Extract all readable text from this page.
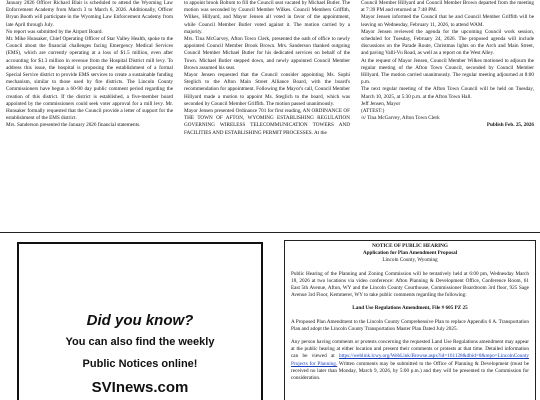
January 2026 Officer Richard Blair is scheduled to attend the Wyoming Law Enforcement Academy from March 3 to March 6, 2026. Additionally, Officer Bryan Booth will participate in the Wyoming Law Enforcement Academy from late April through July.

No report was submitted by the Airport Board.

Mr. Mike Hunsaker, Chief Operating Officer of Star Valley Health, spoke to the Council about the financial challenges facing Emergency Medical Services (EMS), which are currently operating at a loss of $1.5 million, even after accounting for $1.3 million in revenue from the Hospital District mill levy. To address this issue, the hospital is proposing the establishment of a formal Special Service district to provide EMS services to create a sustainable funding mechanism, similar to those used by fire districts. The Lincoln County Commissioners have begun a 60-90 day public comment period regarding the creation of this district. If the district is established, a five-member board appointed by the commissioners could seek voter approval for a mill levy. Mr. Hunsaker formally requested that the Council provide a letter of support for the establishment of the EMS district.

Mrs. Sanderson presented the January 2026 financial statements.

to appoint brook Boltom to fill the Council seat vacated by Michael Butler. The motion was seconded by Council Member Wilkes. Council Members Griffith, Wilkes, Hillyard, and Mayor Jensen all voted in favor of the appointment, while Council Member Butler voted against it. The motion carried by a majority.

Mrs. Tina McGarvey, Afton Town Clerk, presented the oath of office to newly appointed Council Member Brook Brown. Mrs. Sanderson thanked outgoing Council Member Michael Butler for his dedicated services on behalf of the Town. Michael Butler stepped down, and newly appointed Council Member Brown assumed his seat.

Mayor Jensen requested that the Council consider appointing Ms. Sophi Steglich to the Afton Main Street Alliance Board, with the board's recommendation for appointment. Following the Mayor's call, Council Member Hillyard made a motion to appoint Ms. Steglich to the board, which was seconded by Council Member Griffith. The motion passed unanimously.

Mayor Jensen presented Ordinance 701 for first reading, AN ORDINANCE OF THE TOWN OF AFTON, WYOMING ESTABLISHING REGULATION GOVERNING WIRELESS TELECOMMUNICATION TOWERS AND FACILITIES AND ESTABLISHING PERMIT PROCESSES. At the

Council Member Hillyard and Council Member Brown departed from the meeting at 7:39 PM and returned at 7:48 PM.

Mayor Jensen informed the Council that he and Council Member Griffith will be leaving on Wednesday, February 11, 2026, to attend WAM.

Mayor Jensen reviewed the agenda for the upcoming Council work session, scheduled for Tuesday, February 24, 2026. The proposed agenda will include discussions on the Parade Route, Christmas lights on the Arch and Main Street, and paving Valli-Vu Road, as well as a report on the West Alley.

At the request of Mayor Jensen, Council Member Wilkes motioned to adjourn the regular meeting of the Afton Town Council, seconded by Council Member Hillyard. The motion carried unanimously. The regular meeting adjourned at 8:00 p.m.

The next regular meeting of the Afton Town Council will be held on Tuesday, March 10, 2025, at 5:30 p.m. at the Afton Town Hall.

Jeff Jensen, Mayor

(ATTEST:)

/s/ Tina McGarvey, Afton Town Clerk

Publish Feb. 25, 2026

Did you know?
You can also find the weekly
Public Notices online!
SVInews.com
NOTICE OF PUBLIC HEARING
Application for Plan Amendment Proposal
Lincoln County, Wyoming

Public Hearing of the Planning and Zoning Commission will be tentatively held at 6:00 pm, Wednesday March 18, 2026 at two locations via video conference: Afton Planning & Development Office, Conference Room, 61 East 5th Avenue, Afton, WY and the Lincoln County Courthouse, Commissioner Boardroom 3rd floor, 925 Sage Avenue 3rd Floor, Kemmerer, WY to take public comments regarding the following:

Land Use Regulations Amendment, File # 605 PZ 25

A Proposed Plan Amendment to the Lincoln County Comprehensive Plan to replace Appendix 6 A. Transportation Plan and adopt the Lincoln County Transportation Master Plan Dated July 2025.

Any person having comments or protests concerning the requested Land Use Regulations amendment may appear at the public hearing at either location and present their comments or protests at that time. Detailed information can be viewed at https://weblink.lcwy.org/WebLink/Browse.aspx?id=161128&dbid=0&repo=LincolnCounty Projects for Planning. Written comments may be submitted to the Office of Planning & Development (must be received no later than Monday, March 9, 2026, by 5:00 p.m.) and they will be presented to the Commission for consideration.
